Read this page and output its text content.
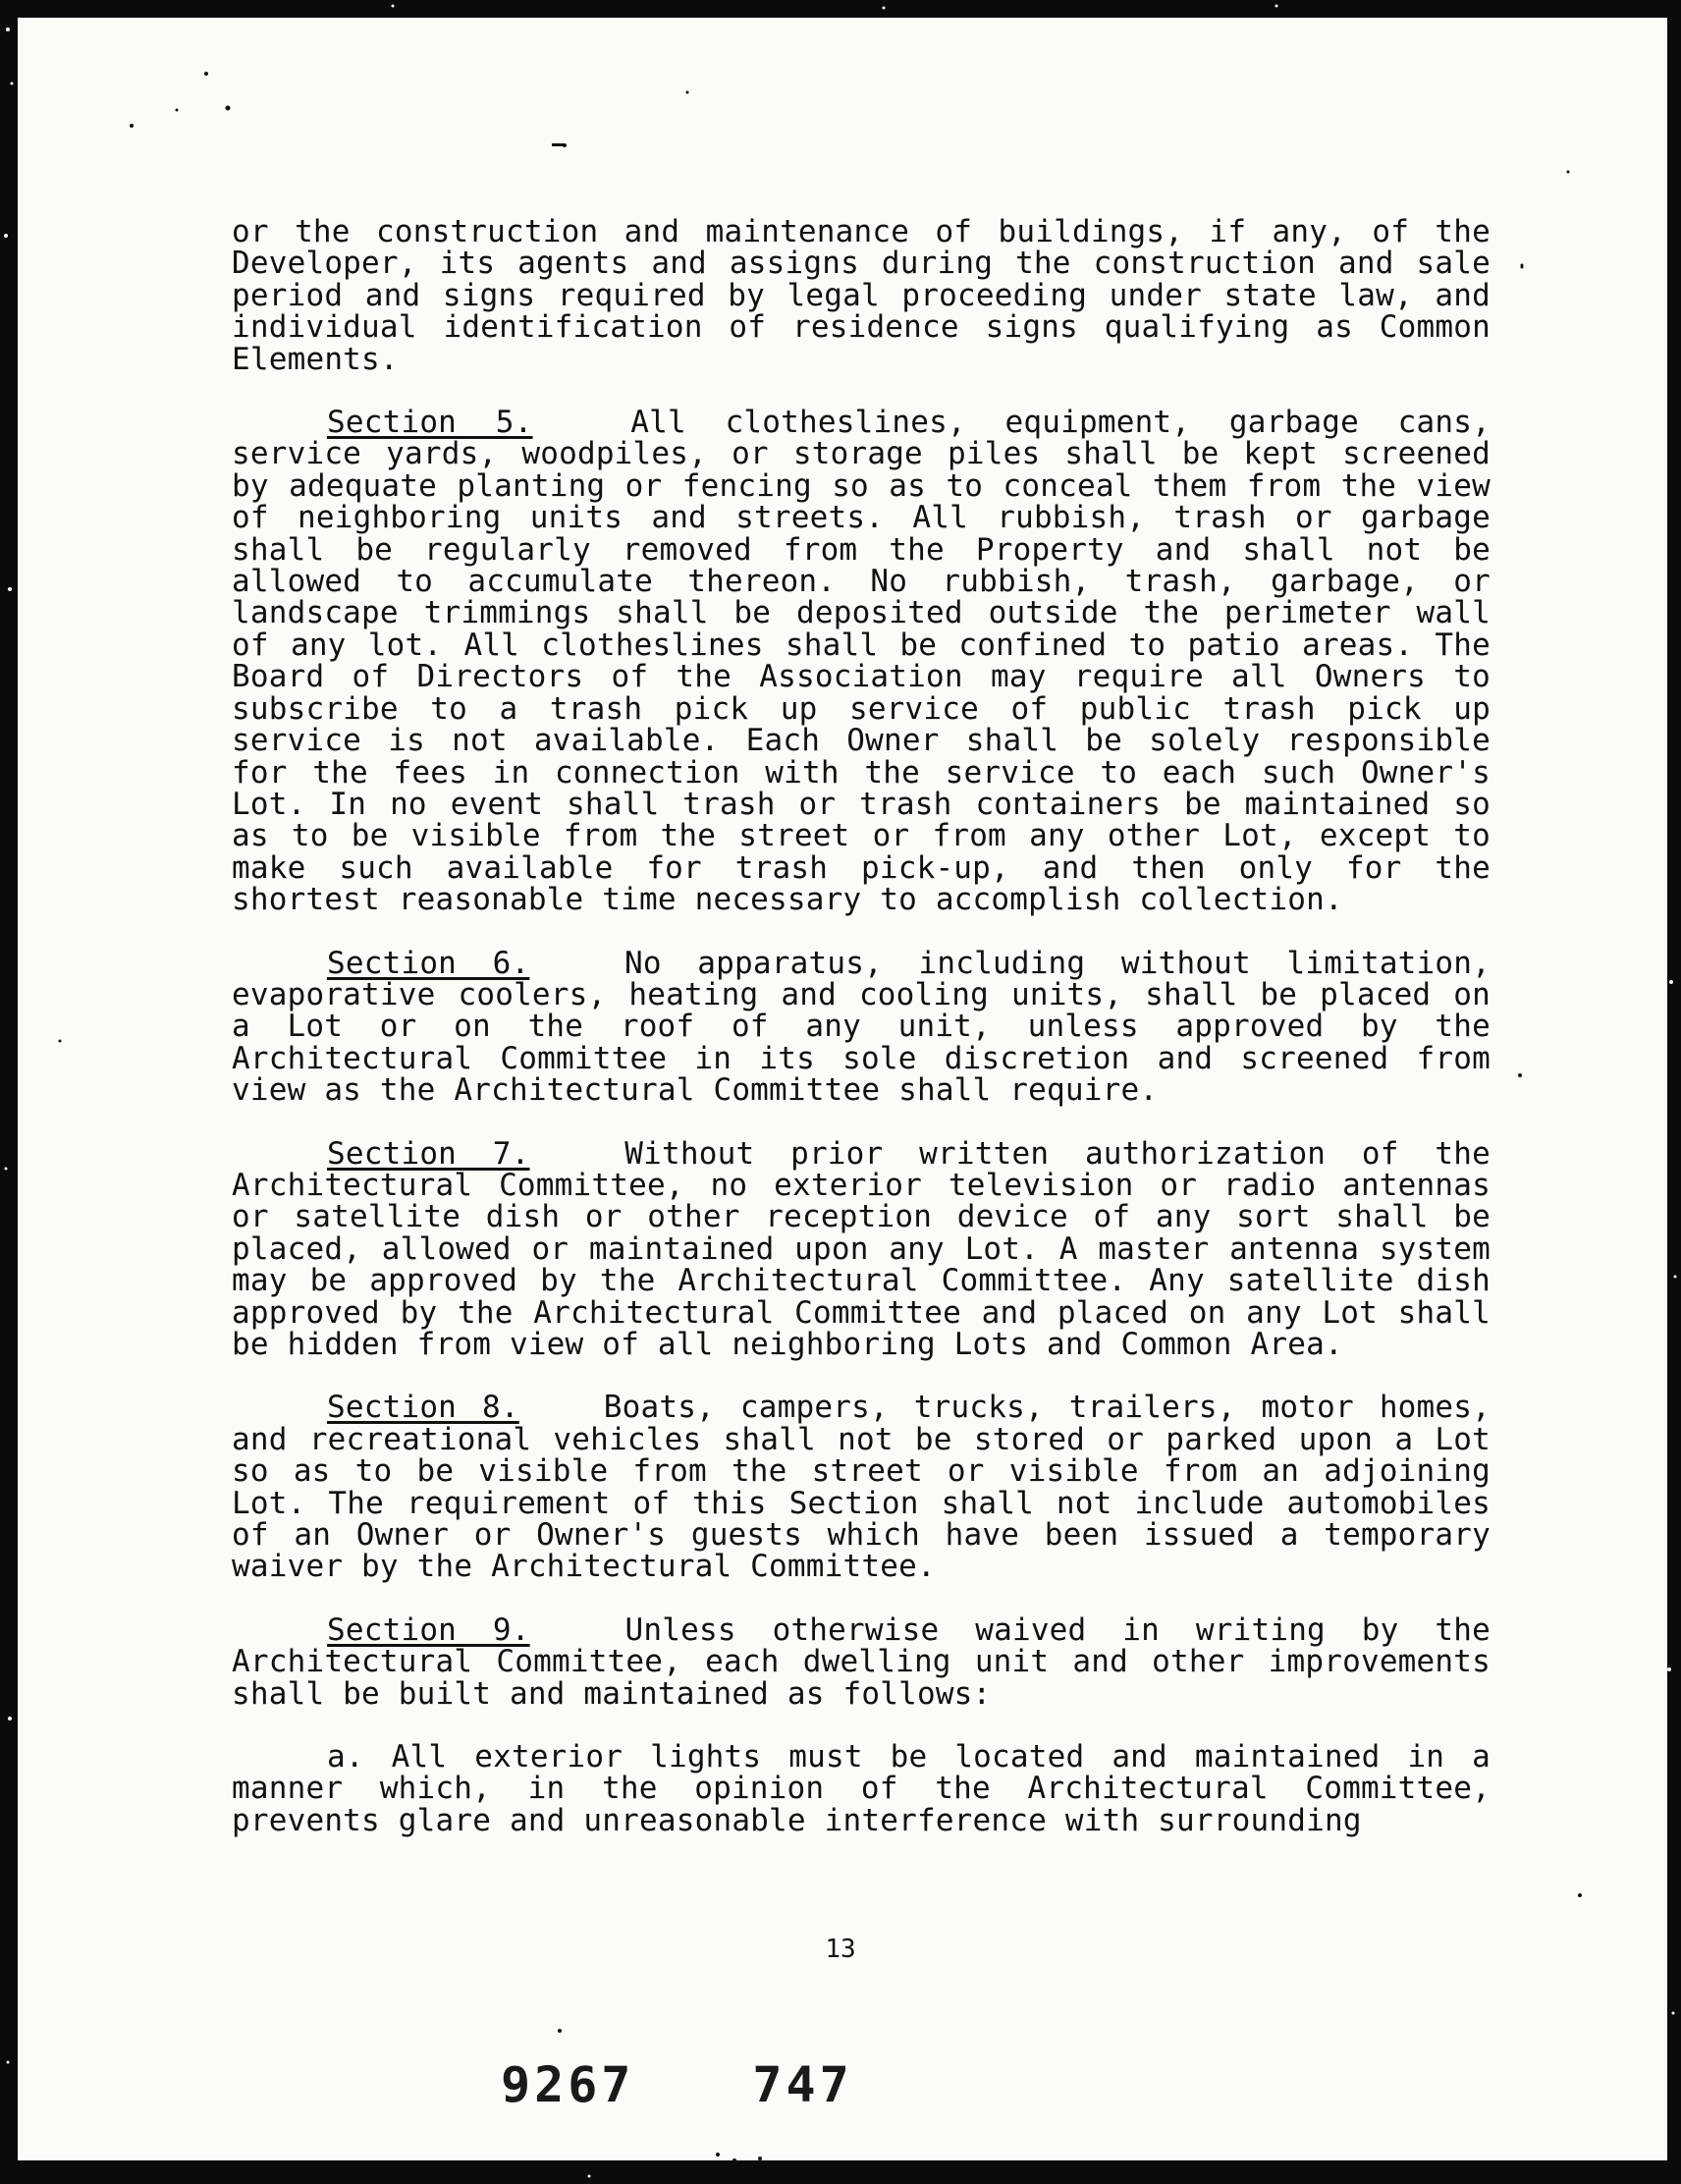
or the construction and maintenance of buildings, if any, of the Developer, its agents and assigns during the construction and sale period and signs required by legal proceeding under state law, and individual identification of residence signs qualifying as Common Elements.

Section 5.	All clotheslines, equipment, garbage cans, service yards, woodpiles, or storage piles shall be kept screened by adequate planting or fencing so as to conceal them from the view of neighboring units and streets. All rubbish, trash or garbage shall be regularly removed from the Property and shall not be allowed to accumulate thereon. No rubbish, trash, garbage, or landscape trimmings shall be deposited outside the perimeter wall of any lot. All clotheslines shall be confined to patio areas. The Board of Directors of the Association may require all Owners to subscribe to a trash pick up service of public trash pick up service is not available. Each Owner shall be solely responsible for the fees in connection with the service to each such Owner's Lot. In no event shall trash or trash containers be maintained so as to be visible from the street or from any other Lot, except to make such available for trash pick-up, and then only for the shortest reasonable time necessary to accomplish collection.

Section 6.	No apparatus, including without limitation, evaporative coolers, heating and cooling units, shall be placed on a Lot or on the roof of any unit, unless approved by the Architectural Committee in its sole discretion and screened from view as the Architectural Committee shall require.

Section 7.	Without prior written authorization of the Architectural Committee, no exterior television or radio antennas or satellite dish or other reception device of any sort shall be placed, allowed or maintained upon any Lot. A master antenna system may be approved by the Architectural Committee. Any satellite dish approved by the Architectural Committee and placed on any Lot shall be hidden from view of all neighboring Lots and Common Area.

Section 8.	Boats, campers, trucks, trailers, motor homes, and recreational vehicles shall not be stored or parked upon a Lot so as to be visible from the street or visible from an adjoining Lot. The requirement of this Section shall not include automobiles of an Owner or Owner's guests which have been issued a temporary waiver by the Architectural Committee.

Section 9.	Unless otherwise waived in writing by the Architectural Committee, each dwelling unit and other improvements shall be built and maintained as follows:

a. All exterior lights must be located and maintained in a manner which, in the opinion of the Architectural Committee, prevents glare and unreasonable interference with surrounding

13
9267 747
